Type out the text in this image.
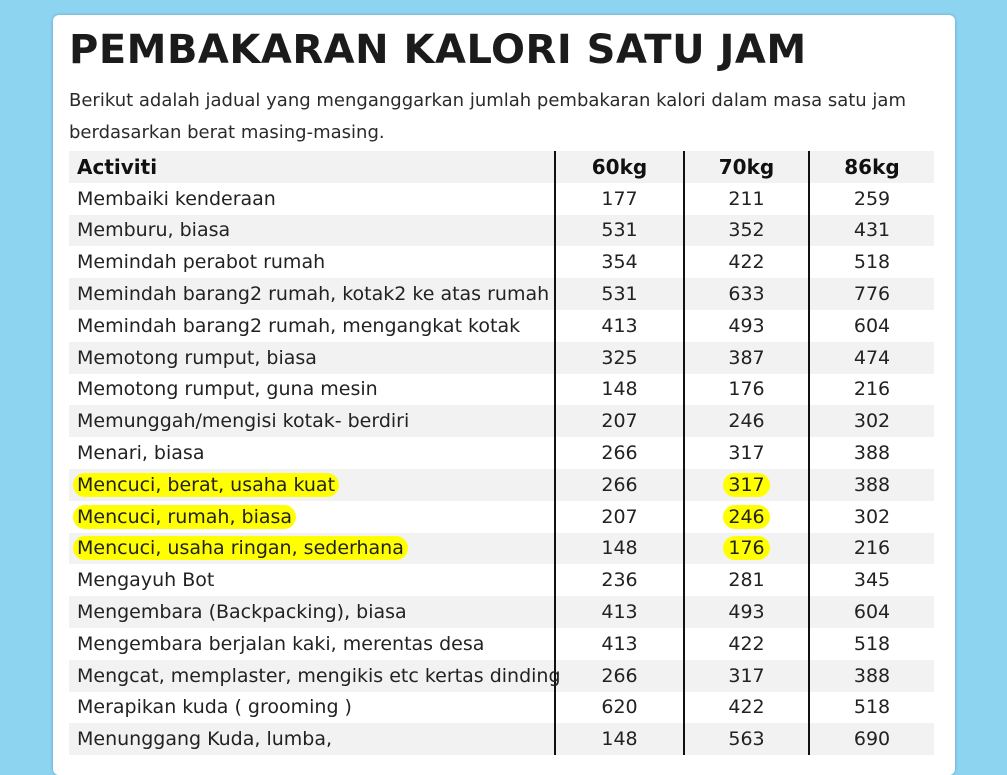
PEMBAKARAN KALORI SATU JAM

Berikut adalah jadual yang menganggarkan jumlah pembakaran kalori dalam masa satu jam berdasarkan berat masing-masing.

Activiti	60kg	70kg	86kg
Membaiki kenderaan	177	211	259
Memburu, biasa	531	352	431
Memindah perabot rumah	354	422	518
Memindah barang2 rumah, kotak2 ke atas rumah	531	633	776
Memindah barang2 rumah, mengangkat kotak	413	493	604
Memotong rumput, biasa	325	387	474
Memotong rumput, guna mesin	148	176	216
Memunggah/mengisi kotak- berdiri	207	246	302
Menari, biasa	266	317	388
Mencuci, berat, usaha kuat	266	317	388
Mencuci, rumah, biasa	207	246	302
Mencuci, usaha ringan, sederhana	148	176	216
Mengayuh Bot	236	281	345
Mengembara (Backpacking), biasa	413	493	604
Mengembara berjalan kaki, merentas desa	413	422	518
Mengcat, memplaster, mengikis etc kertas dinding	266	317	388
Merapikan kuda ( grooming )	620	422	518
Menunggang Kuda, lumba,	148	563	690
